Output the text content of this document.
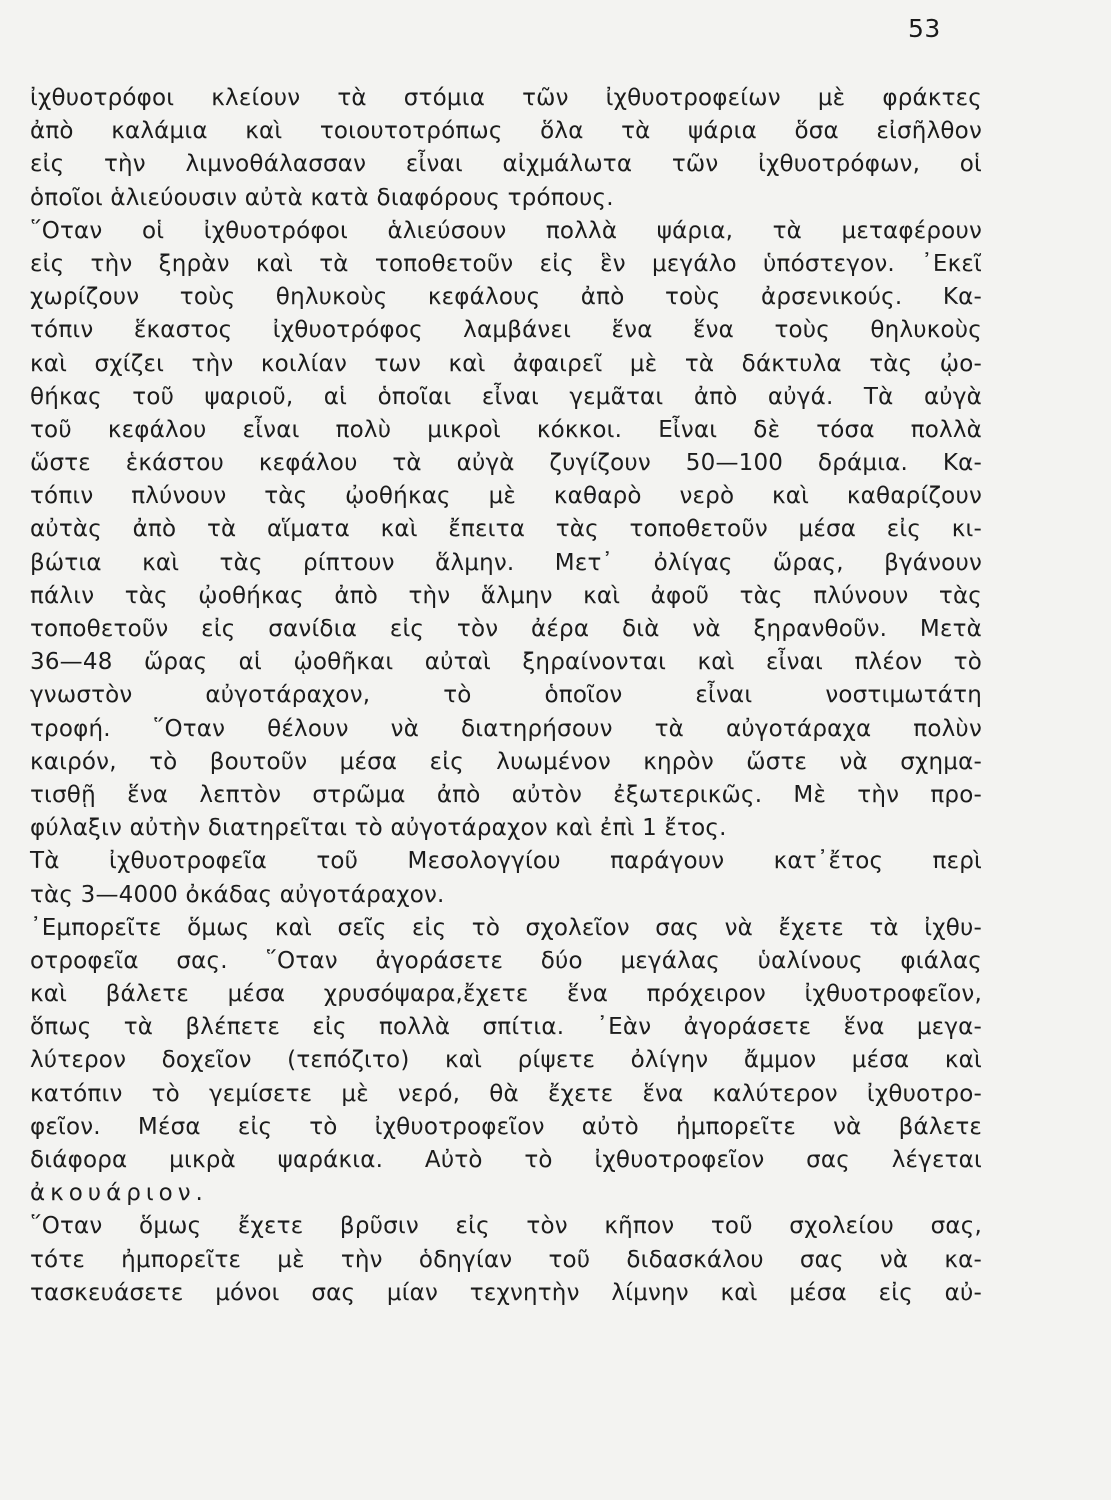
53
ἰχθυοτρόφοι κλείουν τὰ στόμια τῶν ἰχθυοτροφείων μὲ φράκτες
ἀπὸ καλάμια καὶ τοιουτοτρόπως ὅλα τὰ ψάρια ὅσα εἰσῆλθον
εἰς τὴν λιμνοθάλασσαν εἶναι αἰχμάλωτα τῶν ἰχθυοτρόφων, οἱ
ὁποῖοι ἁλιεύουσιν αὐτὰ κατὰ διαφόρους τρόπους.
῞Οταν οἱ ἰχθυοτρόφοι ἁλιεύσουν πολλὰ ψάρια, τὰ μεταφέρουν
εἰς τὴν ξηρὰν καὶ τὰ τοποθετοῦν εἰς ἓν μεγάλο ὑπόστεγον. ᾽Εκεῖ
χωρίζουν τοὺς θηλυκοὺς κεφάλους ἀπὸ τοὺς ἀρσενικούς. Κα-
τόπιν ἕκαστος ἰχθυοτρόφος λαμβάνει ἕνα ἕνα τοὺς θηλυκοὺς
καὶ σχίζει τὴν κοιλίαν των καὶ ἀφαιρεῖ μὲ τὰ δάκτυλα τὰς ᾠο-
θήκας τοῦ ψαριοῦ, αἱ ὁποῖαι εἶναι γεμᾶται ἀπὸ αὐγά. Τὰ αὐγὰ
τοῦ κεφάλου εἶναι πολὺ μικροὶ κόκκοι. Εἶναι δὲ τόσα πολλὰ
ὥστε ἑκάστου κεφάλου τὰ αὐγὰ ζυγίζουν 50—100 δράμια. Κα-
τόπιν πλύνουν τὰς ᾠοθήκας μὲ καθαρὸ νερὸ καὶ καθαρίζουν
αὐτὰς ἀπὸ τὰ αἵματα καὶ ἔπειτα τὰς τοποθετοῦν μέσα εἰς κι-
βώτια καὶ τὰς ρίπτουν ἅλμην. Μετ᾽ ὀλίγας ὥρας, βγάνουν
πάλιν τὰς ᾠοθήκας ἀπὸ τὴν ἅλμην καὶ ἀφοῦ τὰς πλύνουν τὰς
τοποθετοῦν εἰς σανίδια εἰς τὸν ἀέρα διὰ νὰ ξηρανθοῦν. Μετὰ
36—48 ὥρας αἱ ᾠοθῆκαι αὐταὶ ξηραίνονται καὶ εἶναι πλέον τὸ
γνωστὸν αὐγοτάραχον, τὸ ὁποῖον εἶναι νοστιμωτάτη
τροφή. ῞Οταν θέλουν νὰ διατηρήσουν τὰ αὐγοτάραχα πολὺν
καιρόν, τὸ βουτοῦν μέσα εἰς λυωμένον κηρὸν ὥστε νὰ σχημα-
τισθῇ ἕνα λεπτὸν στρῶμα ἀπὸ αὐτὸν ἐξωτερικῶς. Μὲ τὴν προ-
φύλαξιν αὐτὴν διατηρεῖται τὸ αὐγοτάραχον καὶ ἐπὶ 1 ἔτος.
Τὰ ἰχθυοτροφεῖα τοῦ Μεσολογγίου παράγουν κατ᾽ἔτος περὶ
τὰς 3—4000 ὀκάδας αὐγοτάραχον.
᾽Εμπορεῖτε ὅμως καὶ σεῖς εἰς τὸ σχολεῖον σας νὰ ἔχετε τὰ ἰχθυ-
οτροφεῖα σας. ῞Οταν ἀγοράσετε δύο μεγάλας ὑαλίνους φιάλας
καὶ βάλετε μέσα χρυσόψαρα,ἔχετε ἕνα πρόχειρον ἰχθυοτροφεῖον,
ὅπως τὰ βλέπετε εἰς πολλὰ σπίτια. ᾽Εὰν ἀγοράσετε ἕνα μεγα-
λύτερον δοχεῖον (τεπόζιτο) καὶ ρίψετε ὀλίγην ἄμμον μέσα καὶ
κατόπιν τὸ γεμίσετε μὲ νερό, θὰ ἔχετε ἕνα καλύτερον ἰχθυοτρο-
φεῖον. Μέσα εἰς τὸ ἰχθυοτροφεῖον αὐτὸ ἠμπορεῖτε νὰ βάλετε
διάφορα μικρὰ ψαράκια. Αὐτὸ τὸ ἰχθυοτροφεῖον σας λέγεται
ἀκουάριον.
῞Οταν ὅμως ἔχετε βρῦσιν εἰς τὸν κῆπον τοῦ σχολείου σας,
τότε ἠμπορεῖτε μὲ τὴν ὁδηγίαν τοῦ διδασκάλου σας νὰ κα-
τασκευάσετε μόνοι σας μίαν τεχνητὴν λίμνην καὶ μέσα εἰς αὐ-
